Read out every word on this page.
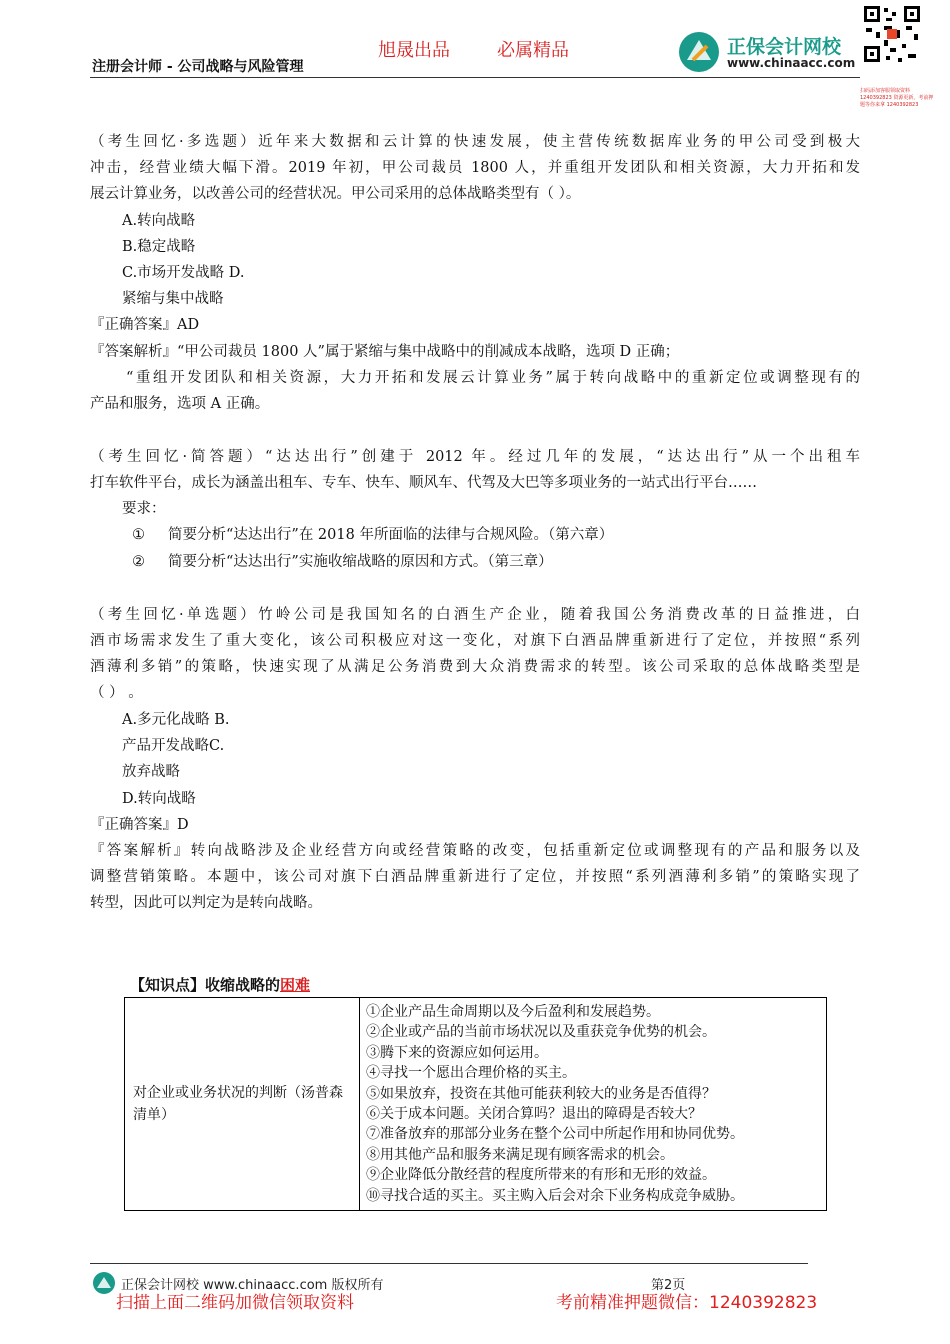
注册会计师 - 公司战略与风险管理
旭晟出品	必属精品	正保会计网校
www.chinaacc.com
扫码添加客服领取资料 1240392823 资源更新，考前押题等你来拿 1240392823
（考生回忆·多选题）近年来大数据和云计算的快速发展，使主营传统数据库业务的甲公司受到极大
冲击，经营业绩大幅下滑。2019 年初，甲公司裁员 1800 人，并重组开发团队和相关资源，大力开拓和发
展云计算业务，以改善公司的经营状况。甲公司采用的总体战略类型有（ ）。
A.转向战略
B.稳定战略
C.市场开发战略 D.
紧缩与集中战略
『正确答案』AD
『答案解析』“甲公司裁员 1800 人”属于紧缩与集中战略中的削减成本战略，选项 D 正确；
“重组开发团队和相关资源，大力开拓和发展云计算业务”属于转向战略中的重新定位或调整现有的
产品和服务，选项 A 正确。
（考生回忆·简答题）“达达出行”创建于 2012 年。经过几年的发展，“达达出行”从一个出租车
打车软件平台，成长为涵盖出租车、专车、快车、顺风车、代驾及大巴等多项业务的一站式出行平台……
要求：
① 简要分析“达达出行”在 2018 年所面临的法律与合规风险。（第六章）
② 简要分析“达达出行”实施收缩战略的原因和方式。（第三章）
（考生回忆·单选题）竹岭公司是我国知名的白酒生产企业，随着我国公务消费改革的日益推进，白
酒市场需求发生了重大变化，该公司积极应对这一变化，对旗下白酒品牌重新进行了定位，并按照“系列
酒薄利多销”的策略，快速实现了从满足公务消费到大众消费需求的转型。该公司采取的总体战略类型是
（ ） 。
A.多元化战略 B.
产品开发战略C.
放弃战略
D.转向战略
『正确答案』D
『答案解析』转向战略涉及企业经营方向或经营策略的改变，包括重新定位或调整现有的产品和服务以及
调整营销策略。本题中，该公司对旗下白酒品牌重新进行了定位，并按照“系列酒薄利多销”的策略实现了
转型，因此可以判定为是转向战略。
【知识点】收缩战略的困难
对企业或业务状况的判断（汤普森清单）	
①企业产品生命周期以及今后盈利和发展趋势。
②企业或产品的当前市场状况以及重获竞争优势的机会。
③腾下来的资源应如何运用。
④寻找一个愿出合理价格的买主。
⑤如果放弃，投资在其他可能获利较大的业务是否值得？
⑥关于成本问题。关闭合算吗？退出的障碍是否较大？
⑦准备放弃的那部分业务在整个公司中所起作用和协同优势。
⑧用其他产品和服务来满足现有顾客需求的机会。
⑨企业降低分散经营的程度所带来的有形和无形的效益。
⑩寻找合适的买主。买主购入后会对余下业务构成竞争威胁。
正保会计网校 www.chinaacc.com 版权所有	第2页
扫描上面二维码加微信领取资料	考前精准押题微信：1240392823
